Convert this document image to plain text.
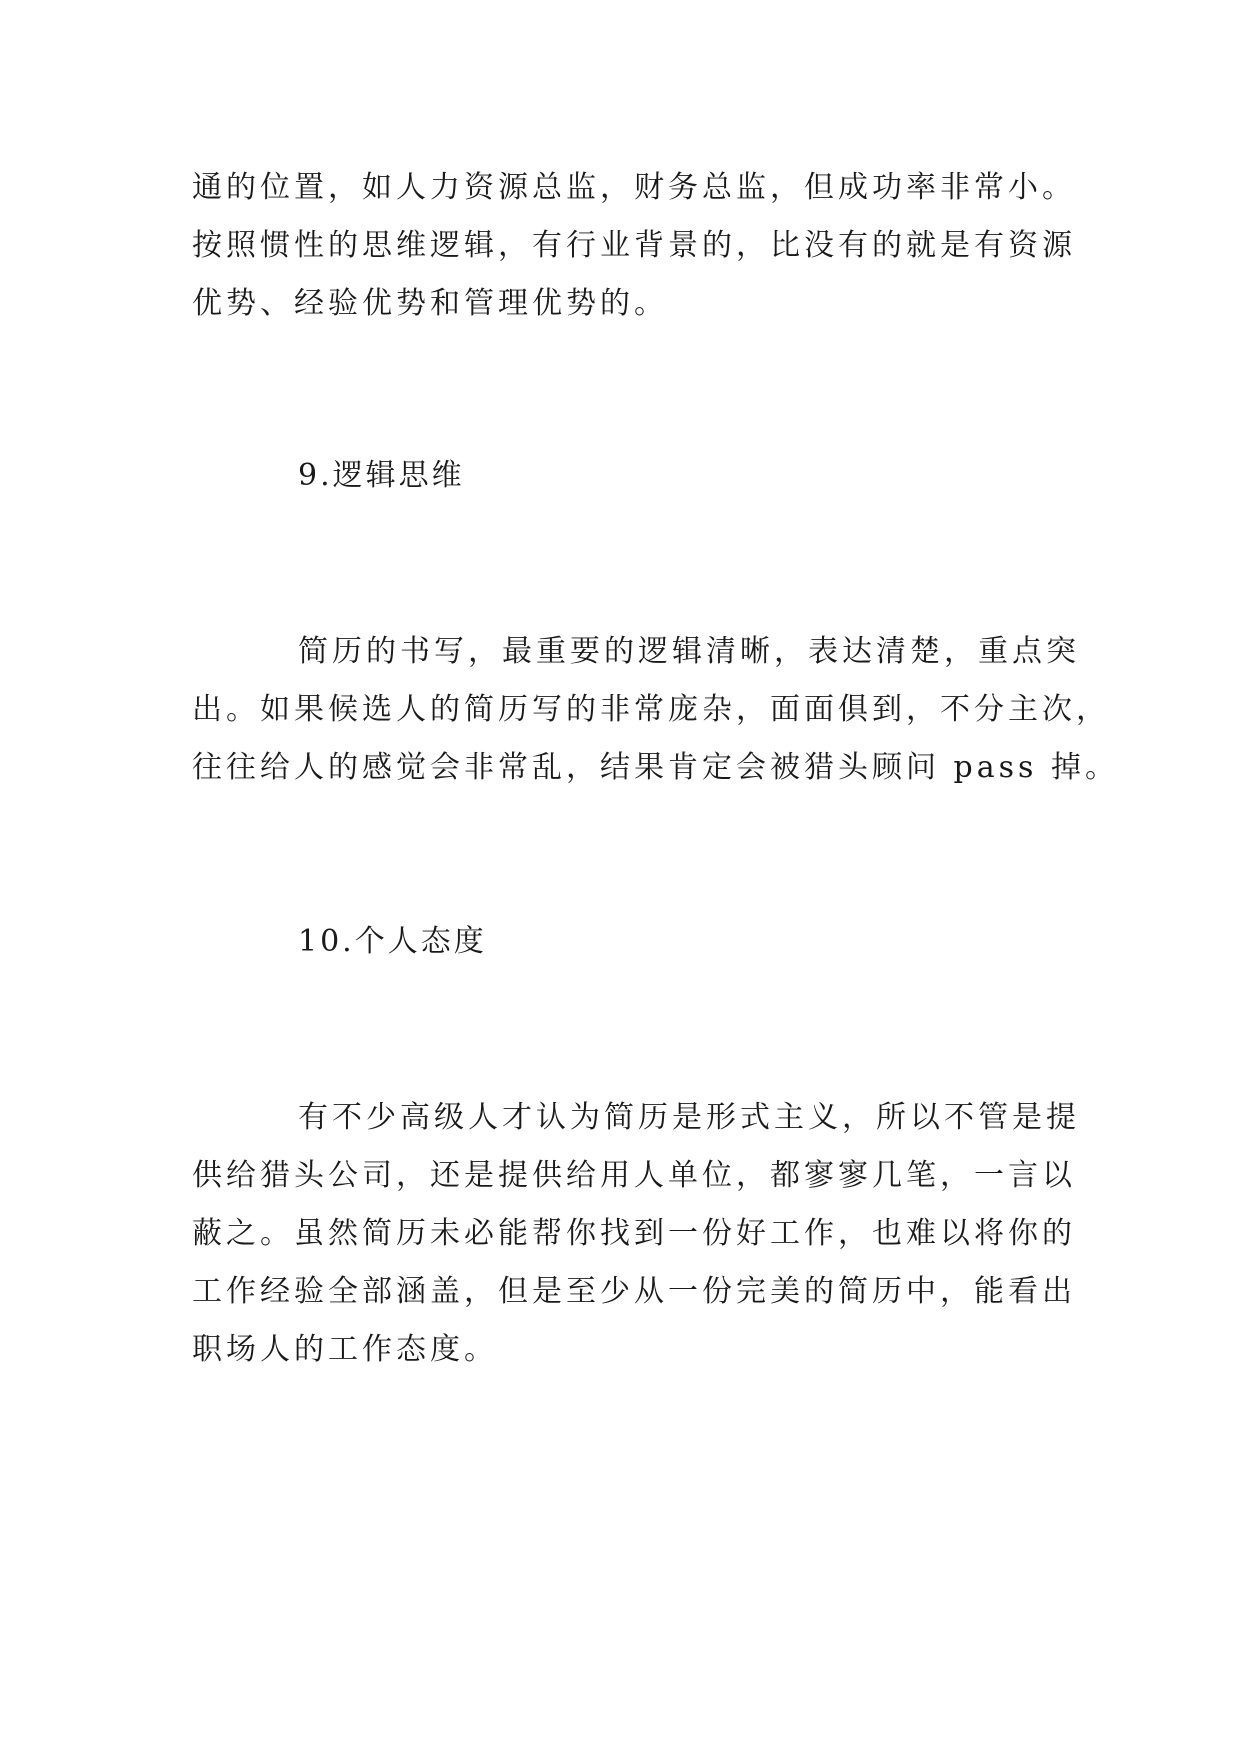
通的位置，如人力资源总监，财务总监，但成功率非常小。
按照惯性的思维逻辑，有行业背景的，比没有的就是有资源
优势、经验优势和管理优势的。
9.逻辑思维
简历的书写，最重要的逻辑清晰，表达清楚，重点突
出。如果候选人的简历写的非常庞杂，面面俱到，不分主次，
往往给人的感觉会非常乱，结果肯定会被猎头顾问 pass 掉。
10.个人态度
有不少高级人才认为简历是形式主义，所以不管是提
供给猎头公司，还是提供给用人单位，都寥寥几笔，一言以
蔽之。虽然简历未必能帮你找到一份好工作，也难以将你的
工作经验全部涵盖，但是至少从一份完美的简历中，能看出
职场人的工作态度。
